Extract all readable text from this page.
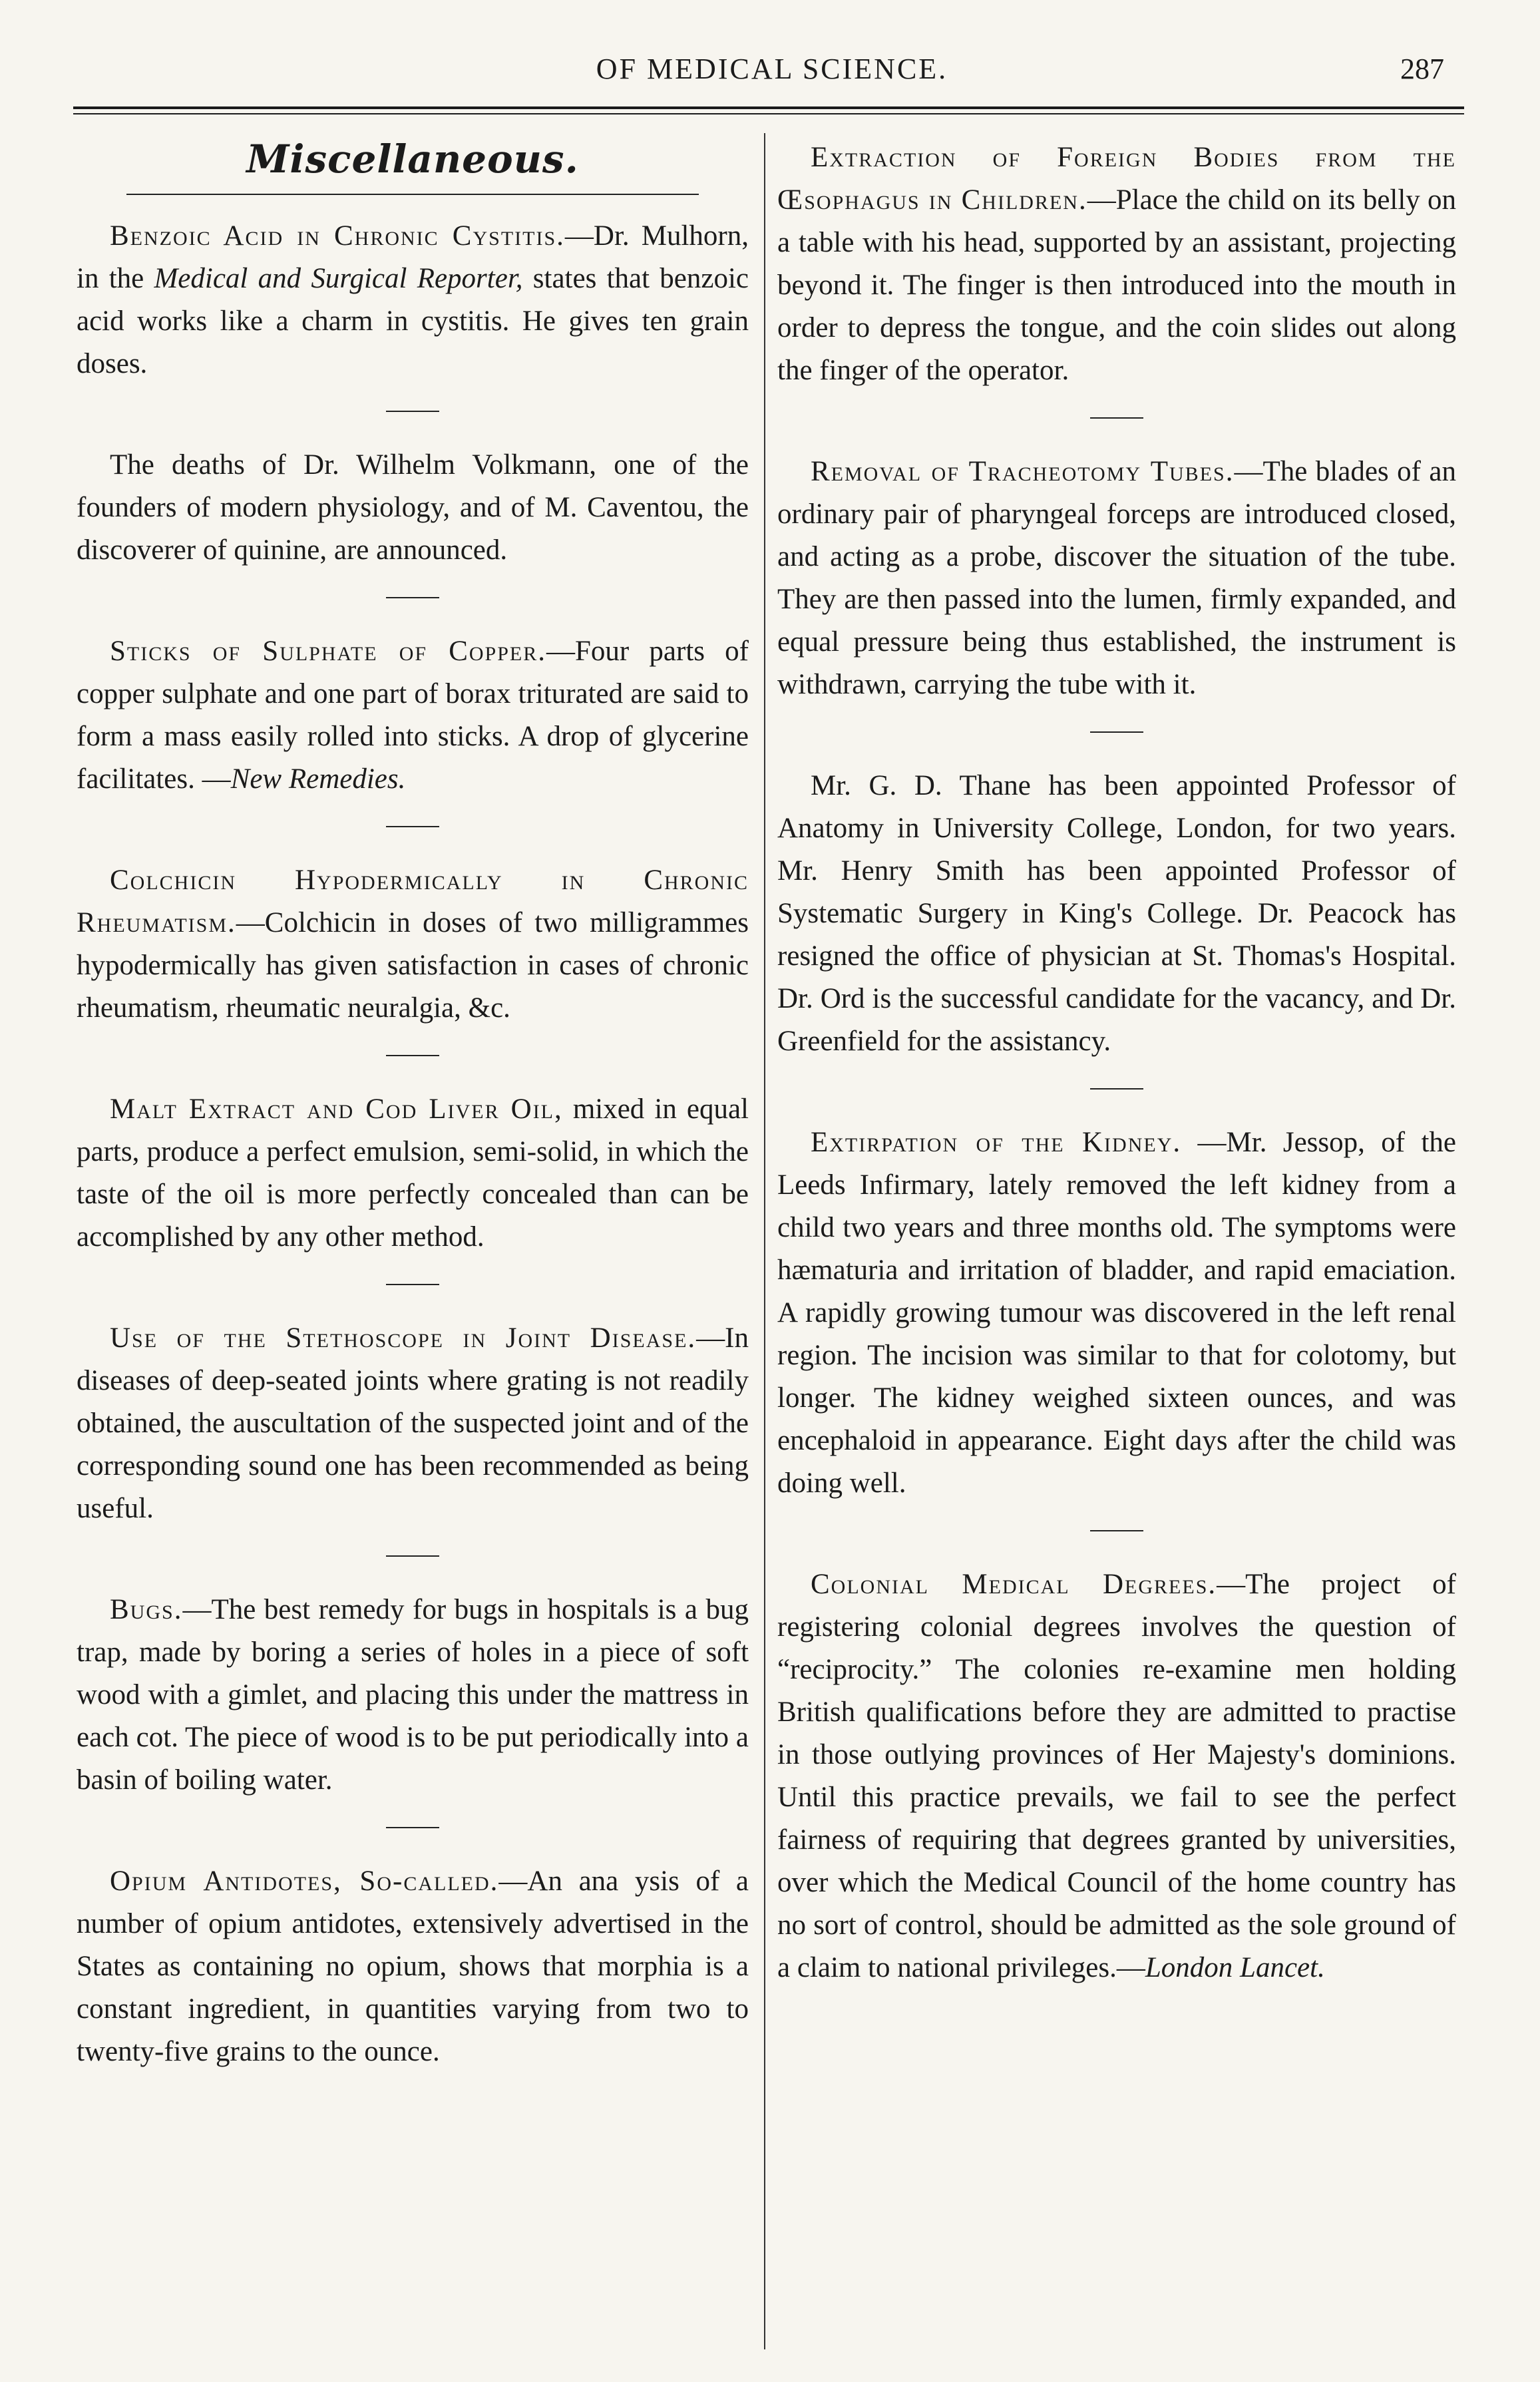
OF MEDICAL SCIENCE.	287
Miscellaneous.

Benzoic Acid in Chronic Cystitis.—Dr. Mulhorn, in the Medical and Surgical Reporter, states that benzoic acid works like a charm in cystitis. He gives ten grain doses.

The deaths of Dr. Wilhelm Volkmann, one of the founders of modern physiology, and of M. Caventou, the discoverer of quinine, are announced.

Sticks of Sulphate of Copper.—Four parts of copper sulphate and one part of borax triturated are said to form a mass easily rolled into sticks. A drop of glycerine facilitates. —New Remedies.

Colchicin Hypodermically in Chronic Rheumatism.—Colchicin in doses of two milligrammes hypodermically has given satisfaction in cases of chronic rheumatism, rheumatic neuralgia, &c.

Malt Extract and Cod Liver Oil, mixed in equal parts, produce a perfect emulsion, semi-solid, in which the taste of the oil is more perfectly concealed than can be accomplished by any other method.

Use of the Stethoscope in Joint Disease.—In diseases of deep-seated joints where grating is not readily obtained, the auscultation of the suspected joint and of the corresponding sound one has been recommended as being useful.

Bugs.—The best remedy for bugs in hospitals is a bug trap, made by boring a series of holes in a piece of soft wood with a gimlet, and placing this under the mattress in each cot. The piece of wood is to be put periodically into a basin of boiling water.

Opium Antidotes, So-called.—An ana ysis of a number of opium antidotes, extensively advertised in the States as containing no opium, shows that morphia is a constant ingredient, in quantities varying from two to twenty-five grains to the ounce.

Extraction of Foreign Bodies from the Œsophagus in Children.—Place the child on its belly on a table with his head, supported by an assistant, projecting beyond it. The finger is then introduced into the mouth in order to depress the tongue, and the coin slides out along the finger of the operator.

Removal of Tracheotomy Tubes.—The blades of an ordinary pair of pharyngeal forceps are introduced closed, and acting as a probe, discover the situation of the tube. They are then passed into the lumen, firmly expanded, and equal pressure being thus established, the instrument is withdrawn, carrying the tube with it.

Mr. G. D. Thane has been appointed Professor of Anatomy in University College, London, for two years. Mr. Henry Smith has been appointed Professor of Systematic Surgery in King's College. Dr. Peacock has resigned the office of physician at St. Thomas's Hospital. Dr. Ord is the successful candidate for the vacancy, and Dr. Greenfield for the assistancy.

Extirpation of the Kidney. —Mr. Jessop, of the Leeds Infirmary, lately removed the left kidney from a child two years and three months old. The symptoms were hæmaturia and irritation of bladder, and rapid emaciation. A rapidly growing tumour was discovered in the left renal region. The incision was similar to that for colotomy, but longer. The kidney weighed sixteen ounces, and was encephaloid in appearance. Eight days after the child was doing well.

Colonial Medical Degrees.—The project of registering colonial degrees involves the question of “reciprocity.” The colonies re-examine men holding British qualifications before they are admitted to practise in those outlying provinces of Her Majesty's dominions. Until this practice prevails, we fail to see the perfect fairness of requiring that degrees granted by universities, over which the Medical Council of the home country has no sort of control, should be admitted as the sole ground of a claim to national privileges.—London Lancet.
